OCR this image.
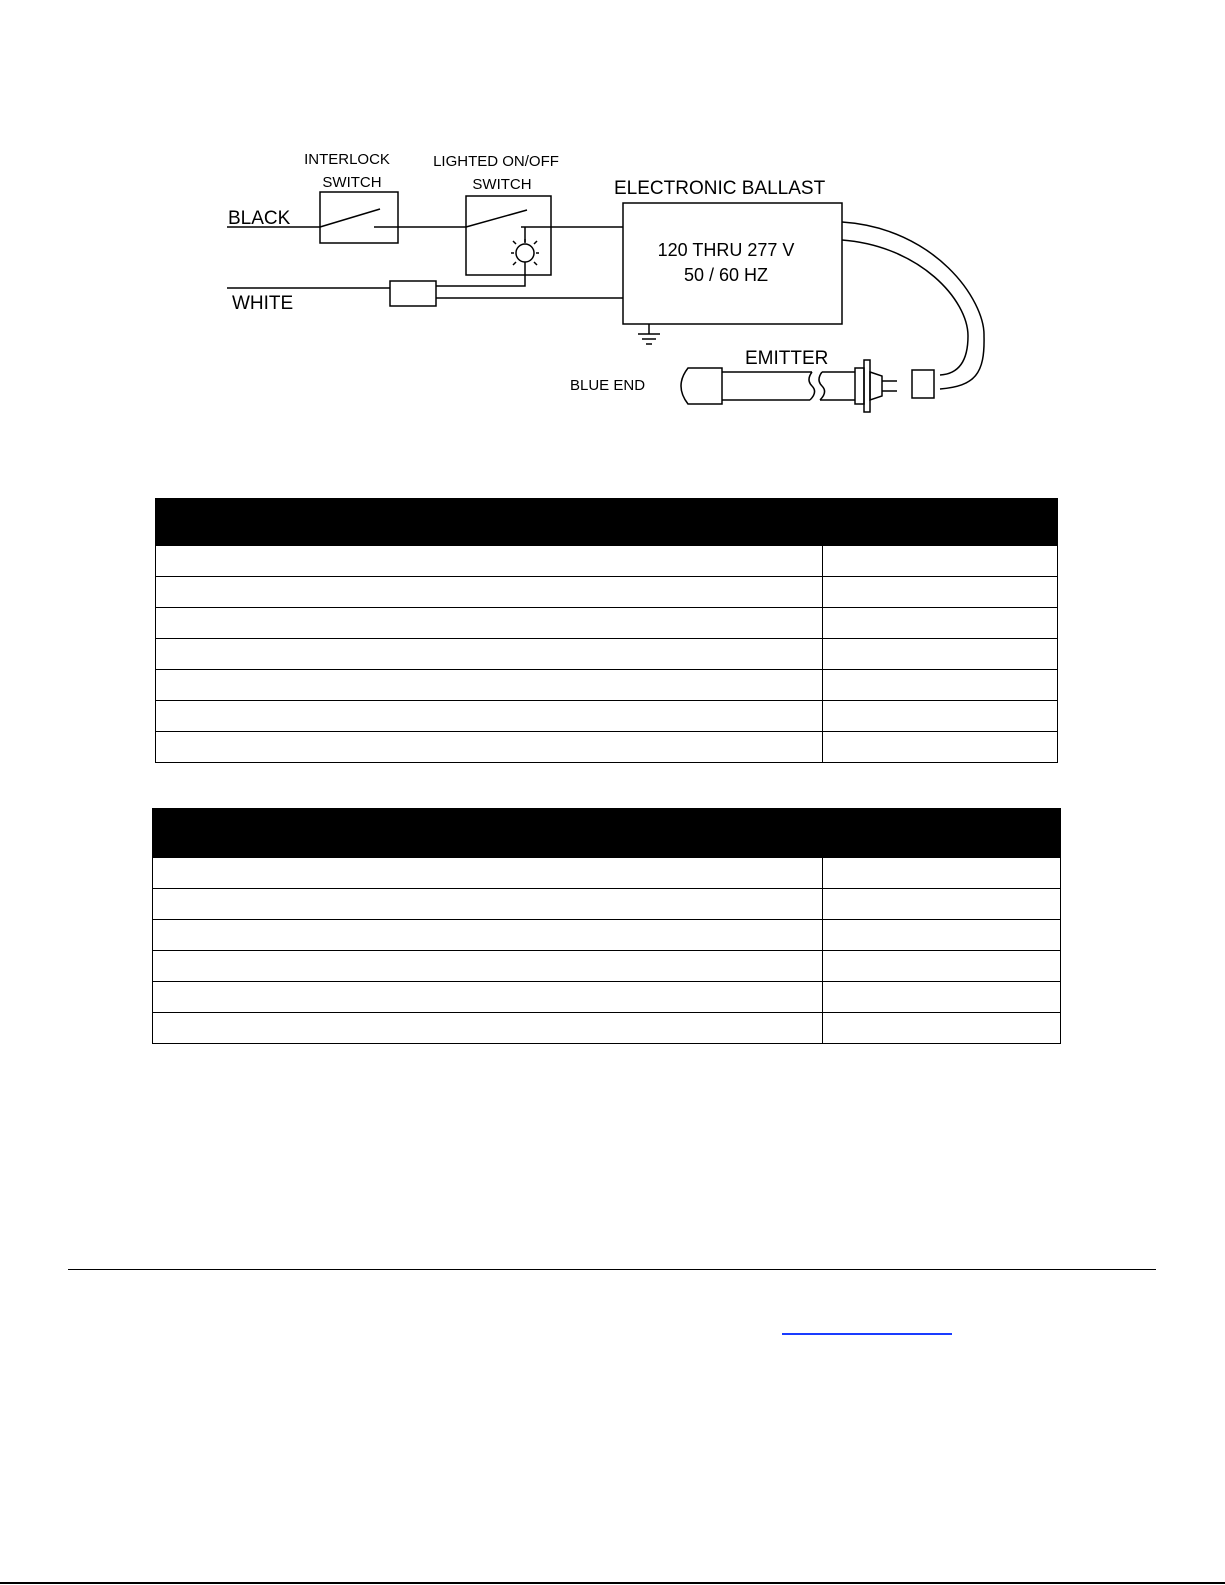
INTERLOCK
SWITCH
LIGHTED ON/OFF
SWITCH	ELECTRONIC BALLAST
120 THRU 277 V
50 / 60 HZ
BLACK
WHITE
EMITTER
BLUE END
